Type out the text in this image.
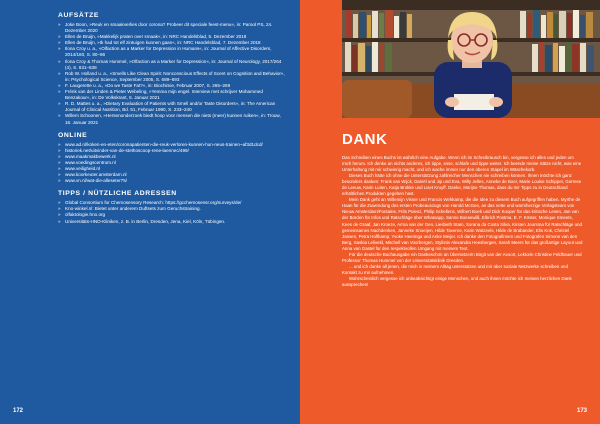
AUFSÄTZE
» Joke Boon, »Reuk en smaakverlies door corona? Probeer dit speciale feest-menu«, in: Parool PS, 24. Dezember 2020
» Ellen de Bruijn, »Makkelijk praten over smaak«, in: NRC Handelsblad, 5. Dezember 2018
» Ellen de Bruijn, »Ik had tot elf zintuigen kunnen gaan«, in: NRC Handelsblad, 7. Dezember 2018
» Ilona Croy u. a., »Olfaction as a Marker for Depression in Humans«, in: Journal of Affective Disorders, 2014/160, S. 80–86
» Ilona Croy & Thomas Hummel, »Olfaction as a Marker for Depression«, in: Journal of Neurology, 2017/264 (4), S. 631–638
» Rob W. Holland u. a., »Smells Like Clean Spirit: Nonconscious Effects of Scent on Cognition and Behavior«, in: Psychological Science, September 2005, S. 689–693
» F. Laugerette u. a., »Do we Taste Fat?«, in: Biochimie, Februar 2007, S. 265–269
» Frénk van der Linden & Pieter Webeling, »Yemma mijn engel. Interview met schrijver Mohammed Benzakour«, in: De Volkskrant, 5. Januar 2021
» R. D. Mattes u. a., »Dietary Evaluation of Patients with Smell and/or Taste Disorders«, in: The American Journal of Clinical Nutrition, Bd. 51, Februar 1990, S. 233–240
» Willem Schoonen, »Hersenonderzoek biedt hoop voor mensen die niets (meer) kunnen ruiken«, in: Trouw, 16. Januar 2021
ONLINE
» www.ad.nl/koken-en-eten/coronapatienten-die-reuk-verloren-kunnen-hun-neus-trainen~af3d1dcd/
» historiek.net/uitvinder-van-de-stethoscoop-rene-laennec/499/
» www.maakmakbewerk.nl
» www.voedingscentrum.nl
» www.veiligheid.nl
» www.koorkeuter.amsterdam.nl
» www.vn.nl/wat-die-alleseter75/
TIPPS / NÜTZLICHE ADRESSEN
» Global Consortium for Chemosensory Research: https://gcchemosensr.org/surveys/de/
» Kno-winkel.nl: Bietet unter anderem Duftsets zum Geruchstraining.
» olfaktologie.hno.org
» Universitäts-HNO-Kliniken, z. B. in Berlin, Dresden, Jena, Kiel, Köln, Tübingen.
172
DANK

Das Schreiben eines Buchs ist wahrlich eine Aufgabe. Wenn ich im Schreibrausch bin, vergesse ich alles und jeden um mich herum. Ich denke an nichts anderes, ich tippe, esse, schlafe und tippe weiter. Ich beende meine Sätze nicht, was eine Unterhaltung mit mir schwierig macht, und ich wache immer nur den oberen Stapel im Wäschekorb.

Dieses Buch hätte ich ohne die Unterstützung zahlreicher Menschen nie schreiben können. Ihnen möchte ich ganz besonders danken: Frank van Wijck, Daniël und Jip und Eva, Willy Jelles, Anneke de Boer, Marie Louise Schipper, Gerrese de Leeuw, Karin Luiten, Katja Brokke und Liset Kruyff. Danke, Marijne Thomas, dass du mir Tipps zu in Deutschland erhältlichen Produkten gegeben hast.

Mein Dank geht an Willemijn Visser und Francis Wehkamp, die die Idee zu diesem Buch aufgegriffen haben. Myrthe de Haan für die Zuwendung des ersten Probeauszugs von Harold McGee, an das nette und warmherzige Verlagsteam von Nieuw Amsterdam/Fontaine, Frits Poiesz, Philip Schellens, Wilbert Boek und Dick Kooper für das kritische Lesen, Jan van der Borden für Infos und Ratschläge über Whatsapp, Sanne Boesewilli, Elbrich Postma, E. F. Köster, Monique Smeets, Kees de Graaf, Jan Kroeze, Arma van der Gen, Liesbeth Stam, Sorana da Costa Silva, Kirsten Joorsma für Ratschläge und gemeinsames Nachdenken, Janneke Snoeijen, Hilde Taverne, Karin Watzeels, Hilde de Brabander, Elis Kok, Christel Jansen, Petra Hoffkamp, Yvoke Heeringa und Anke Meijer. Ich danke den Fotografinnen und Fotografen Simone van den Berg, Saskia Leliveld, Mitchell van Voorbergen, Stylistin Alexandra Heesbergen, Sarah Meers für das großartige Layout und Anna van Gastel für den respektvollen Umgang mit meinem Text.

Für die deutsche Buchausgabe ein Dankeschön an Übersetzerin Birgit van der Avoort, Lektorin Christine Feldhauer und Professor Thomas Hummel von der Universitätsklinik Dresden.

... und ich danke all jenen, die mich in meinem Alltag unterstützen und mir über soziale Netzwerke schreiben und Kontakt zu mir aufnehmen.

Wahrscheinlich vergesse ich unbeabsichtigt einige Menschen, und auch ihnen möchte ich meinen herzlichen Dank aussprechen!

173
